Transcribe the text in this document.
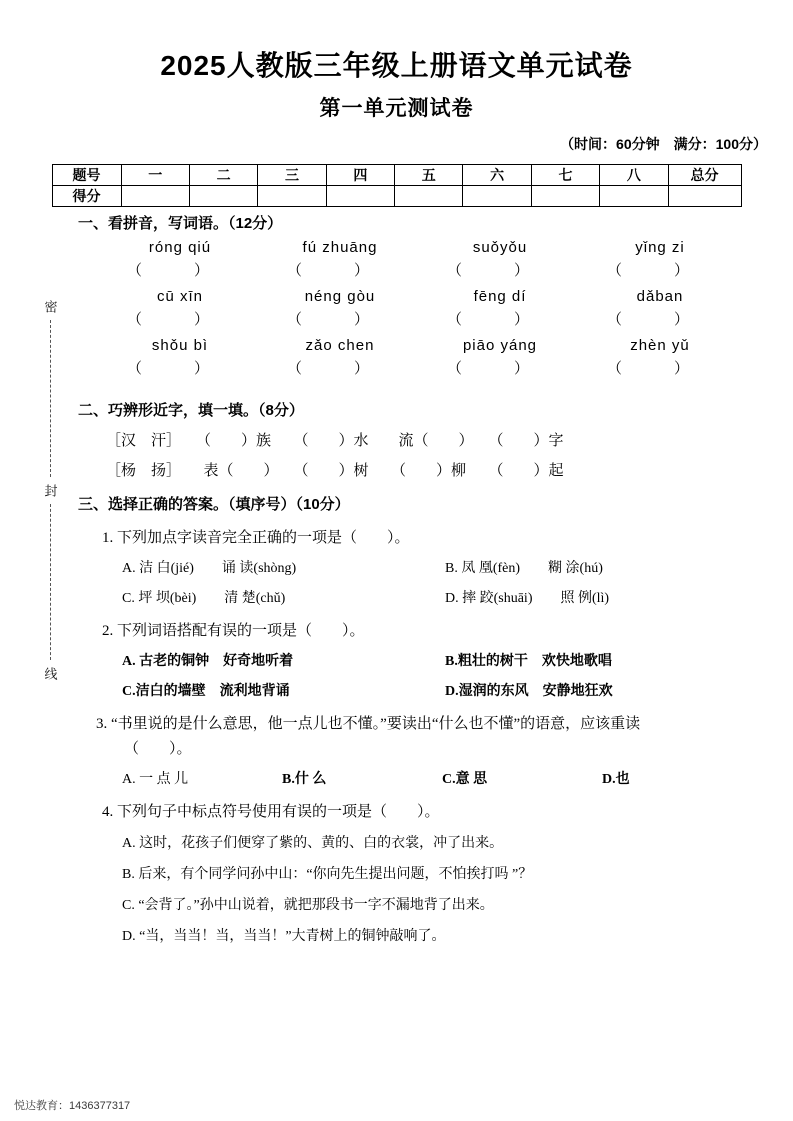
密
封
线
2025人教版三年级上册语文单元试卷
第一单元测试卷
（时间：60分钟　满分：100分）
题号	一	二	三	四	五	六	七	八	总分
得分									
一、看拼音，写词语。（12分）
róng qiú	fú zhuāng	suǒyǒu	yǐng zi
（	）	（	）	（	）	（	）
cū xīn	néng gòu	fēng dí	dǎban
（	）	（	）	（	）	（	）
shǒu bì	zǎo chen	piāo yáng	zhèn yǔ
（	）	（	）	（	）	（	）
二、巧辨形近字，填一填。（8分）
［汉　汗］　　（　　）族　　（　　）水　　流（　　）　　（　　）字
［杨　扬］　　表（　　）　　（　　）树　　（　　）柳　　（　　）起
三、选择正确的答案。（填序号）（10分）
1. 下列加点字读音完全正确的一项是（　　）。
A. 洁 白(jié)　　诵 读(shòng)	B. 凤 凰(fèn)　　糊 涂(hú)
C. 坪 坝(bèi)　　清 楚(chǔ)	D. 摔 跤(shuāi)　　照 例(lì)
2. 下列词语搭配有误的一项是（　　）。
A. 古老的铜钟　好奇地听着	B.粗壮的树干　欢快地歌唱
C.洁白的墙壁　流利地背诵	D.湿润的东风　安静地狂欢
3. “书里说的是什么意思，他一点儿也不懂。”要读出“什么也不懂”的语意，应该重读
（　　）。
A. 一 点 儿	B.什 么	C.意 思	D.也
4. 下列句子中标点符号使用有误的一项是（　　）。
A. 这时，花孩子们便穿了紫的、黄的、白的衣裳，冲了出来。
B. 后来，有个同学问孙中山：“你向先生提出问题，不怕挨打吗 ”？
C. “会背了。”孙中山说着，就把那段书一字不漏地背了出来。
D. “当，当当！当，当当！”大青树上的铜钟敲响了。
悦达教育：1436377317
